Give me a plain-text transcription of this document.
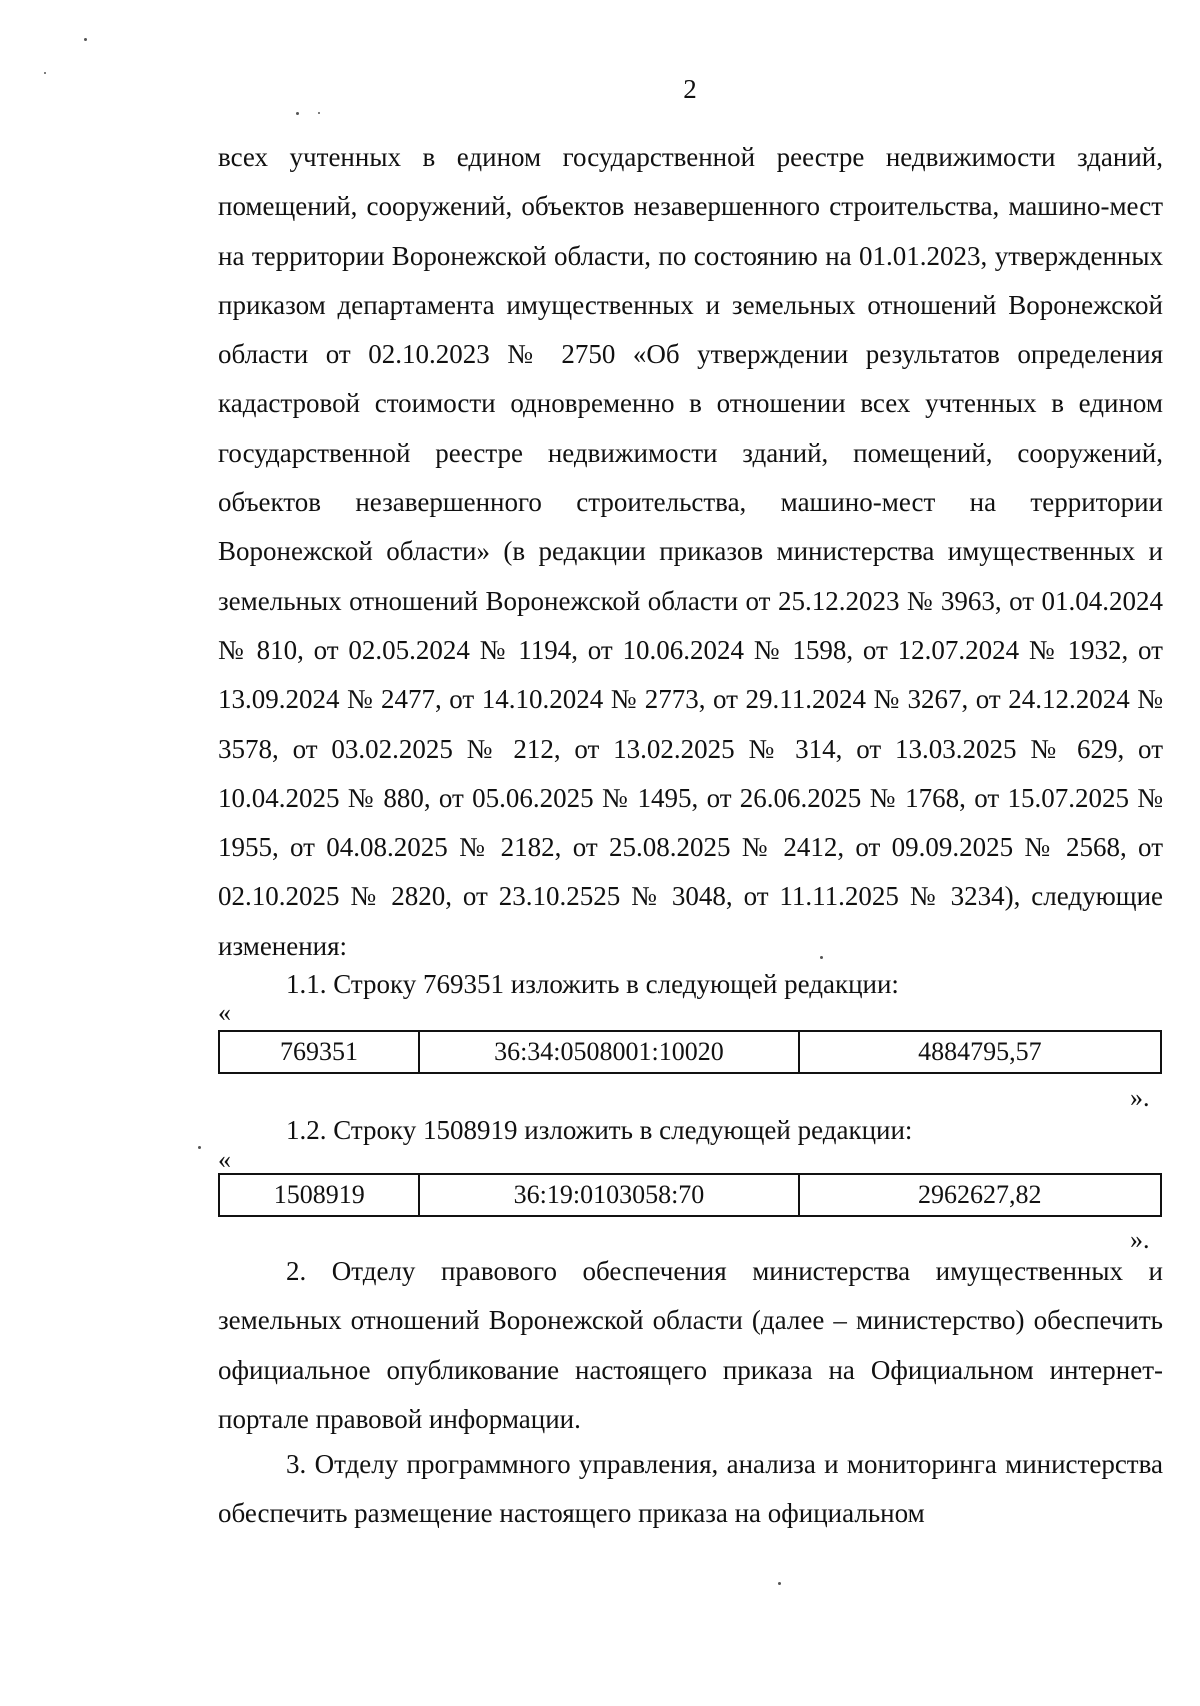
2

всех учтенных в едином государственной реестре недвижимости зданий, помещений, сооружений, объектов незавершенного строительства, машино-мест на территории Воронежской области, по состоянию на 01.01.2023, утвержденных приказом департамента имущественных и земельных отношений Воронежской области от 02.10.2023 № 2750 «Об утверждении результатов определения кадастровой стоимости одновременно в отношении всех учтенных в едином государственной реестре недвижимости зданий, помещений, сооружений, объектов незавершенного строительства, машино-мест на территории Воронежской области» (в редакции приказов министерства имущественных и земельных отношений Воронежской области от 25.12.2023 № 3963, от 01.04.2024 № 810, от 02.05.2024 № 1194, от 10.06.2024 № 1598, от 12.07.2024 № 1932, от 13.09.2024 № 2477, от 14.10.2024 № 2773, от 29.11.2024 № 3267, от 24.12.2024 № 3578, от 03.02.2025 № 212, от 13.02.2025 № 314, от 13.03.2025 № 629, от 10.04.2025 № 880, от 05.06.2025 № 1495, от 26.06.2025 № 1768, от 15.07.2025 № 1955, от 04.08.2025 № 2182, от 25.08.2025 № 2412, от 09.09.2025 № 2568, от 02.10.2025 № 2820, от 23.10.2525 № 3048, от 11.11.2025 № 3234), следующие изменения:

1.1. Строку 769351 изложить в следующей редакции:

«
769351	36:34:0508001:10020	4884795,57
».

1.2. Строку 1508919 изложить в следующей редакции:

«
1508919	36:19:0103058:70	2962627,82
».

2. Отделу правового обеспечения министерства имущественных и земельных отношений Воронежской области (далее – министерство) обеспечить официальное опубликование настоящего приказа на Официальном интернет-портале правовой информации.

3. Отделу программного управления, анализа и мониторинга министерства обеспечить размещение настоящего приказа на официальном
